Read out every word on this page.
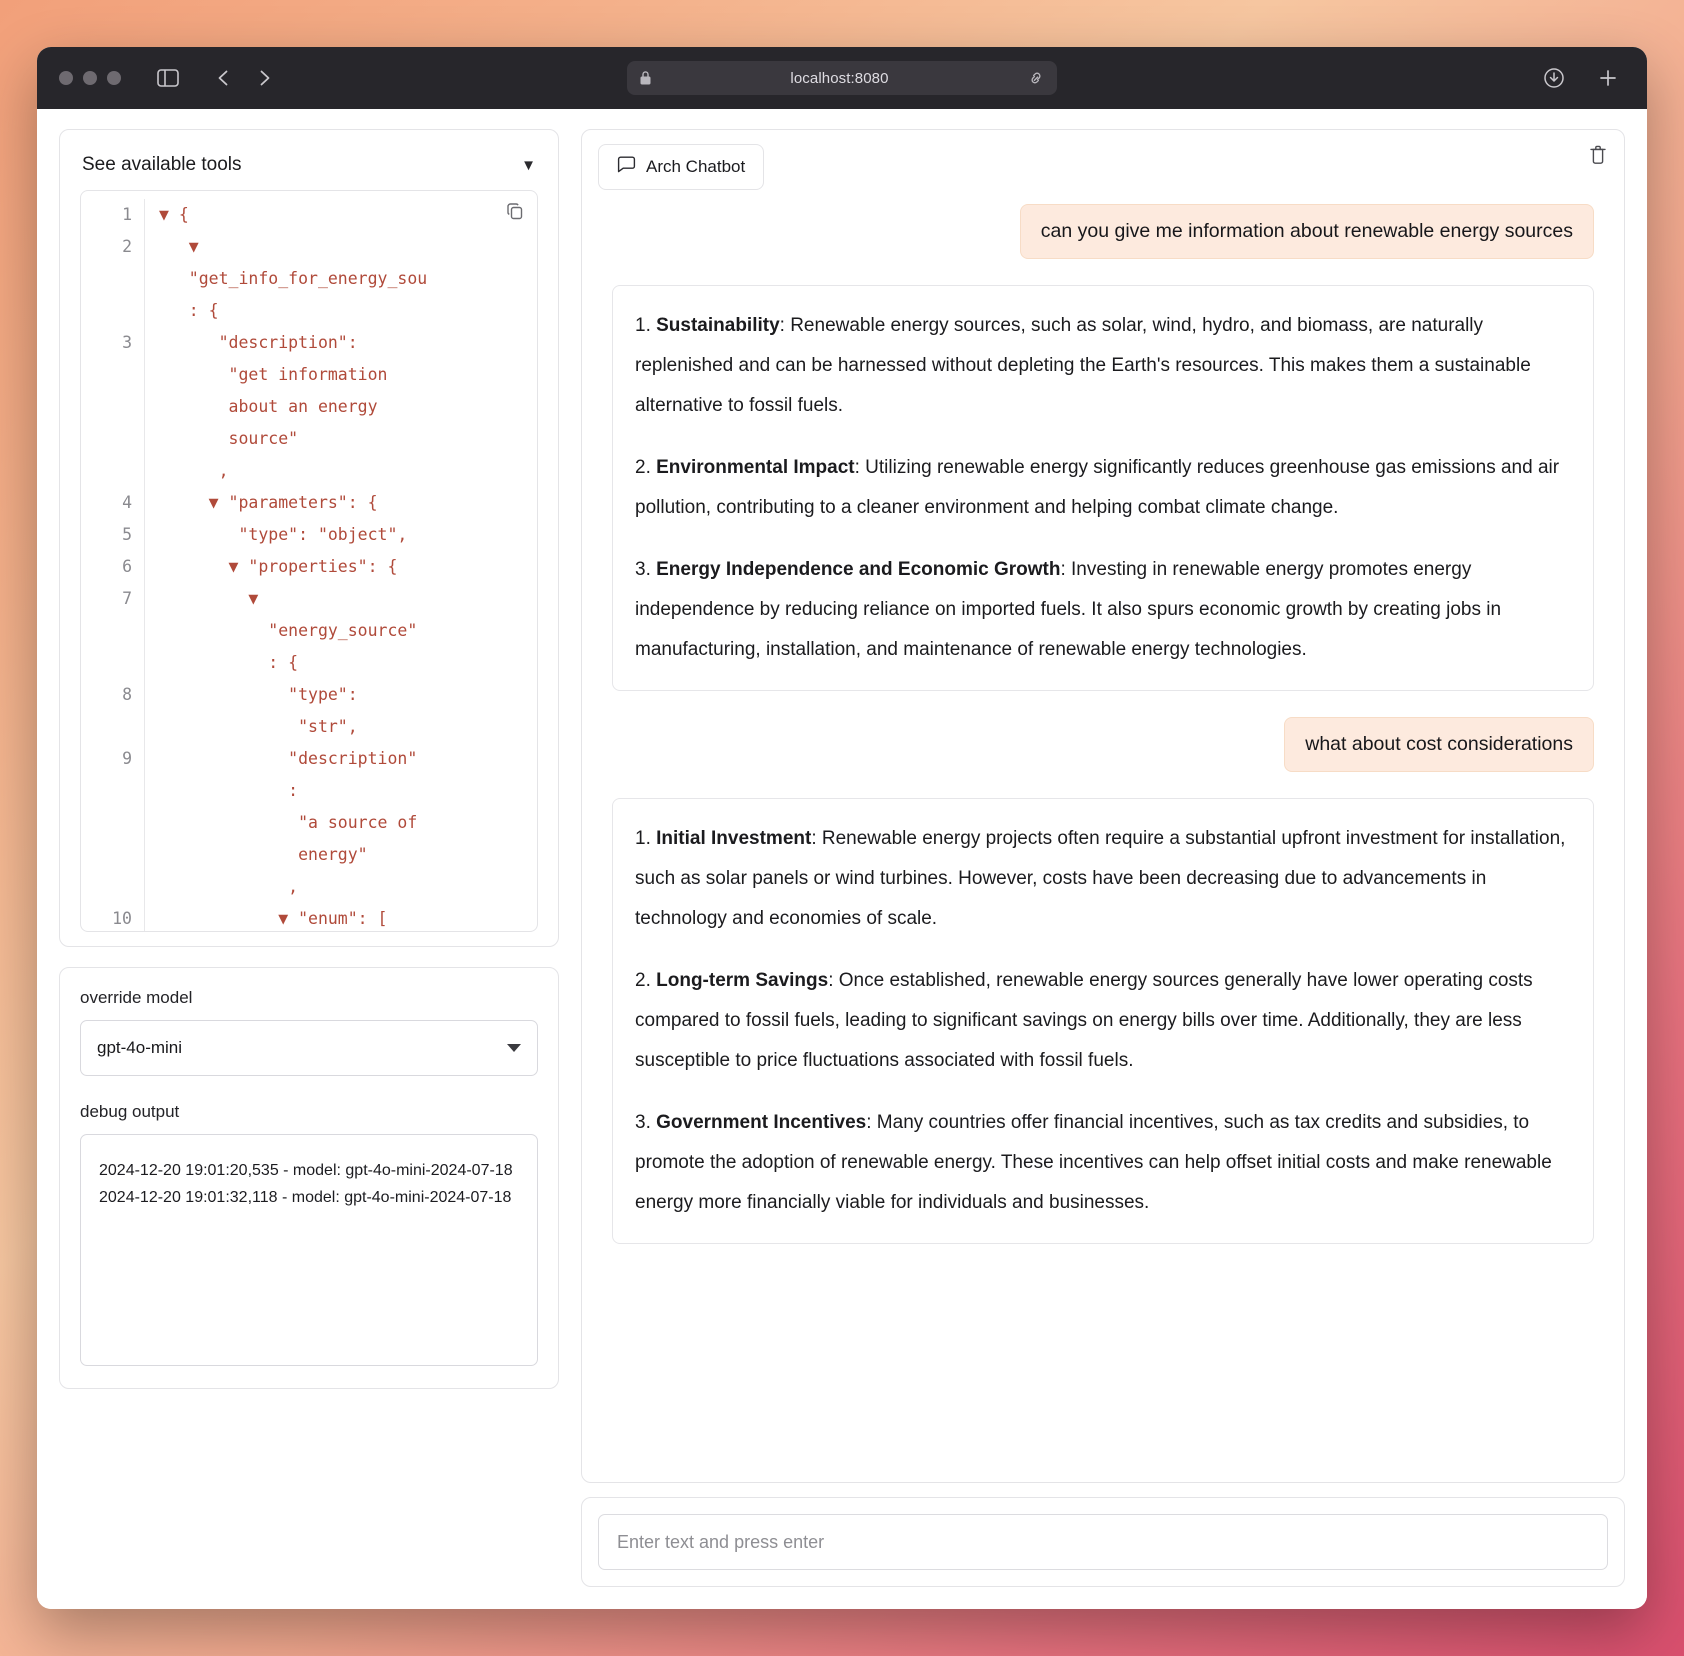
localhost:8080
See available tools	▼
1
2
3
4
5
6
7
8
9
10
▼ {
▼
"get_info_for_energy_sou
: {
"description":
"get information
about an energy
source"
,
▼ "parameters": {
"type": "object",
▼ "properties": {
▼
"energy_source"
: {
"type":
"str",
"description"
:
"a source of
energy"
,
▼ "enum": [
override model
gpt-4o-mini
debug output
2024-12-20 19:01:20,535 - model: gpt-4o-mini-2024-07-18
2024-12-20 19:01:32,118 - model: gpt-4o-mini-2024-07-18
Arch Chatbot
can you give me information about renewable energy sources

1. Sustainability: Renewable energy sources, such as solar, wind, hydro, and biomass, are naturally replenished and can be harnessed without depleting the Earth's resources. This makes them a sustainable alternative to fossil fuels.

2. Environmental Impact: Utilizing renewable energy significantly reduces greenhouse gas emissions and air pollution, contributing to a cleaner environment and helping combat climate change.

3. Energy Independence and Economic Growth: Investing in renewable energy promotes energy independence by reducing reliance on imported fuels. It also spurs economic growth by creating jobs in manufacturing, installation, and maintenance of renewable energy technologies.

what about cost considerations

1. Initial Investment: Renewable energy projects often require a substantial upfront investment for installation, such as solar panels or wind turbines. However, costs have been decreasing due to advancements in technology and economies of scale.

2. Long-term Savings: Once established, renewable energy sources generally have lower operating costs compared to fossil fuels, leading to significant savings on energy bills over time. Additionally, they are less susceptible to price fluctuations associated with fossil fuels.

3. Government Incentives: Many countries offer financial incentives, such as tax credits and subsidies, to promote the adoption of renewable energy. These incentives can help offset initial costs and make renewable energy more financially viable for individuals and businesses.

Enter text and press enter
